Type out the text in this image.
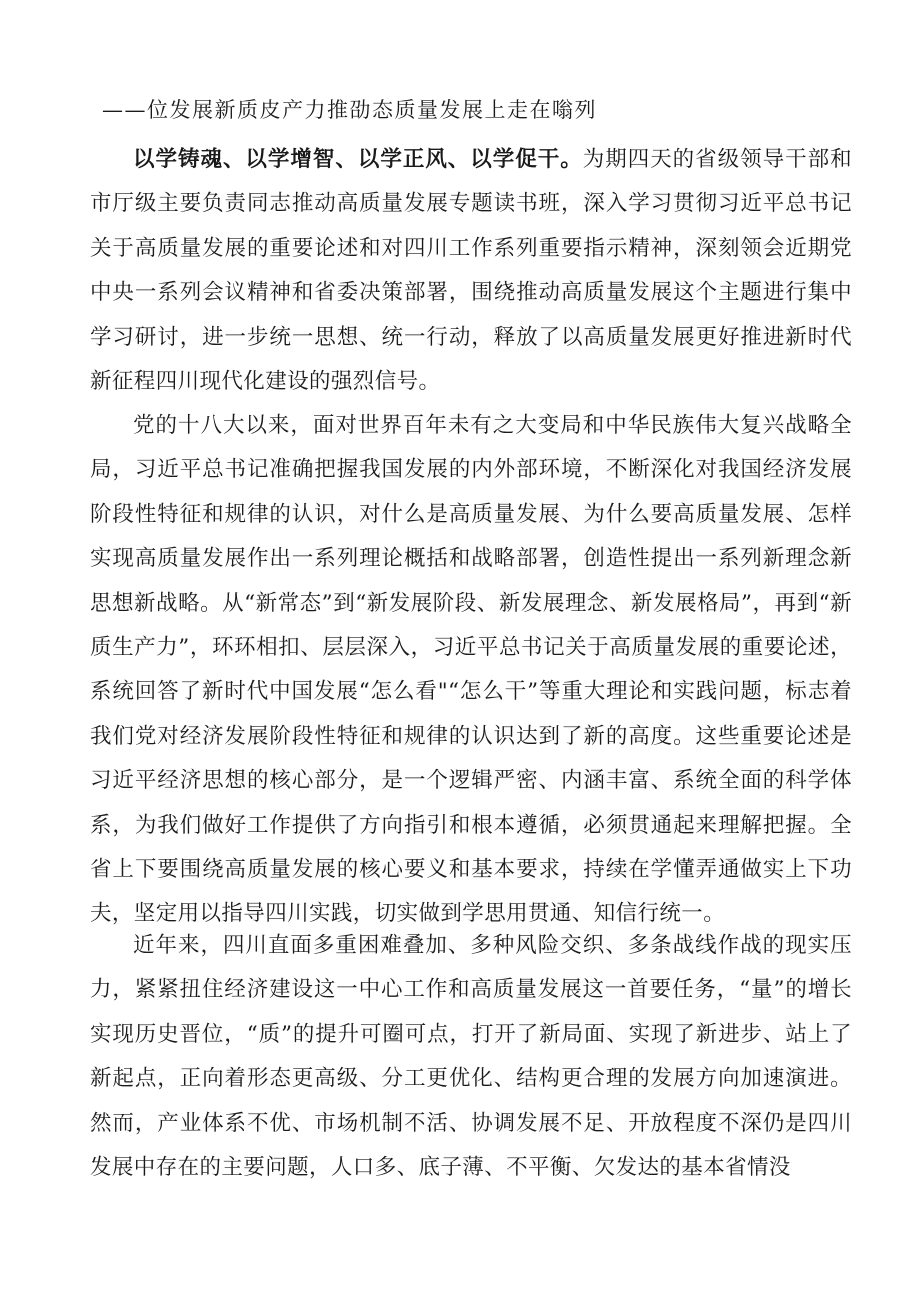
——位发展新质皮产力推劭态质量发展上走在嗡列

以学铸魂、以学增智、以学正风、以学促干。为期四天的省级领导干部和市厅级主要负责同志推动高质量发展专题读书班，深入学习贯彻习近平总书记关于高质量发展的重要论述和对四川工作系列重要指示精神，深刻领会近期党中央一系列会议精神和省委决策部署，围绕推动高质量发展这个主题进行集中学习研讨，进一步统一思想、统一行动，释放了以高质量发展更好推进新时代新征程四川现代化建设的强烈信号。

党的十八大以来，面对世界百年未有之大变局和中华民族伟大复兴战略全局，习近平总书记准确把握我国发展的内外部环境，不断深化对我国经济发展阶段性特征和规律的认识，对什么是高质量发展、为什么要高质量发展、怎样实现高质量发展作出一系列理论概括和战略部署，创造性提出一系列新理念新思想新战略。从“新常态”到“新发展阶段、新发展理念、新发展格局”，再到“新质生产力”，环环相扣、层层深入，习近平总书记关于高质量发展的重要论述，系统回答了新时代中国发展“怎么看"“怎么干”等重大理论和实践问题，标志着我们党对经济发展阶段性特征和规律的认识达到了新的高度。这些重要论述是习近平经济思想的核心部分，是一个逻辑严密、内涵丰富、系统全面的科学体系，为我们做好工作提供了方向指引和根本遵循，必须贯通起来理解把握。全省上下要围绕高质量发展的核心要义和基本要求，持续在学懂弄通做实上下功夫，坚定用以指导四川实践，切实做到学思用贯通、知信行统一。

近年来，四川直面多重困难叠加、多种风险交织、多条战线作战的现实压力，紧紧扭住经济建设这一中心工作和高质量发展这一首要任务，“量”的增长实现历史晋位，“质”的提升可圈可点，打开了新局面、实现了新进步、站上了新起点，正向着形态更高级、分工更优化、结构更合理的发展方向加速演进。然而，产业体系不优、市场机制不活、协调发展不足、开放程度不深仍是四川发展中存在的主要问题，人口多、底子薄、不平衡、欠发达的基本省情没
